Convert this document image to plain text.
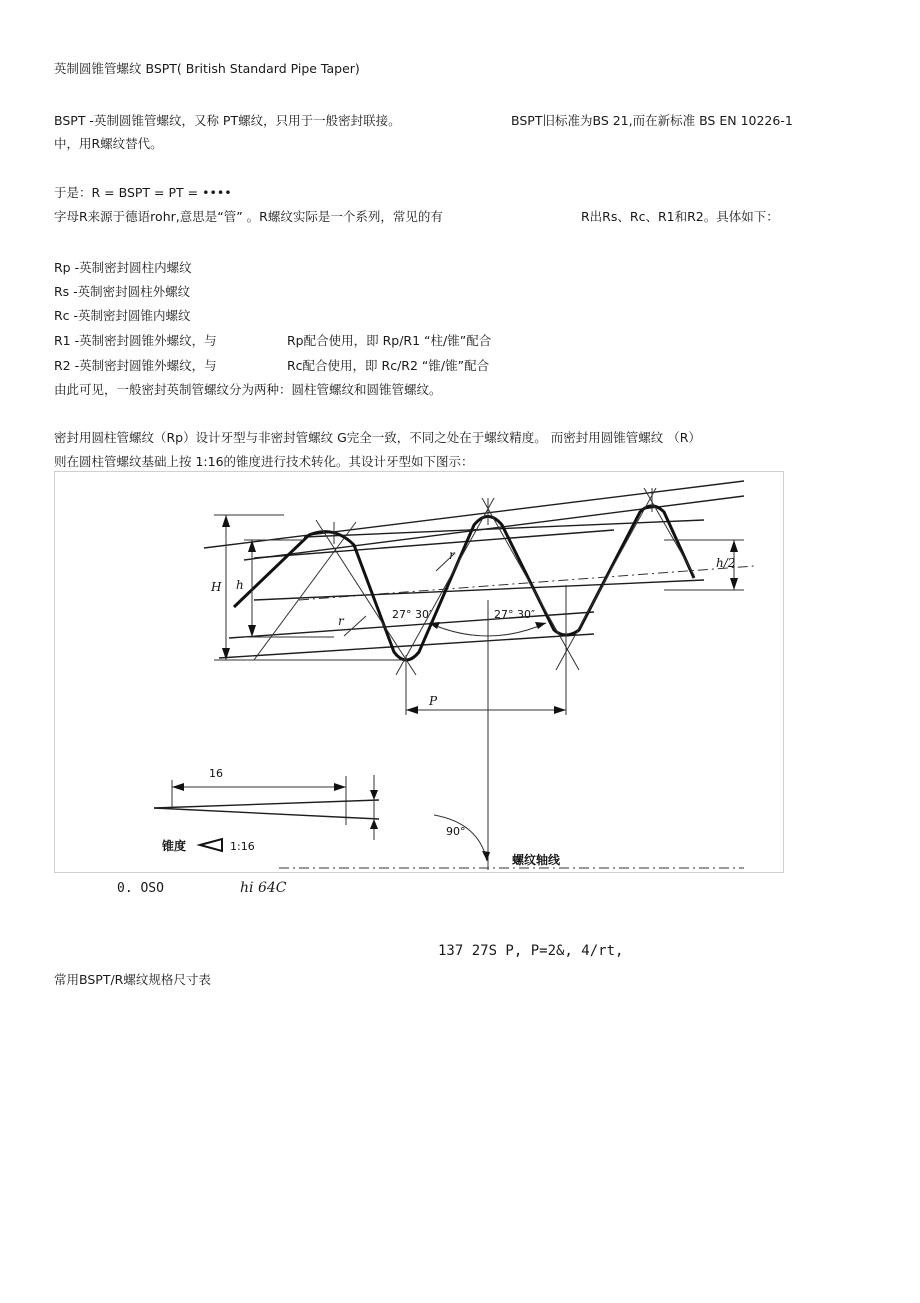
英制圆锥管螺纹 BSPT( British Standard Pipe Taper)
BSPT -英制圆锥管螺纹，又称 PT螺纹，只用于一般密封联接。	BSPT旧标准为BS 21,而在新标准 BS EN 10226-1
中，用R螺纹替代。
于是：R = BSPT = PT = ••••
字母R来源于德语rohr,意思是“管” 。R螺纹实际是一个系列，常见的有	R出Rs、Rc、R1和R2。具体如下：
Rp -英制密封圆柱内螺纹
Rs -英制密封圆柱外螺纹
Rc -英制密封圆锥内螺纹
R1 -英制密封圆锥外螺纹，与	Rp配合使用，即 Rp/R1 “柱/锥”配合
R2 -英制密封圆锥外螺纹，与	Rc配合使用，即 Rc/R2 “锥/锥”配合
由此可见，一般密封英制管螺纹分为两种：圆柱管螺纹和圆锥管螺纹。
密封用圆柱管螺纹（Rp）设计牙型与非密封管螺纹 G完全一致，不同之处在于螺纹精度。 而密封用圆锥管螺纹 （R）
则在圆柱管螺纹基础上按 1:16的锥度进行技术转化。其设计牙型如下图示：
H h
h/2
r
r	27° 30′	27° 30″
P
16
锥度	1:16
90°
螺纹轴线
0. OSO	hi 64C
137 27S P, P=2&, 4/rt,
常用BSPT/R螺纹规格尺寸表
